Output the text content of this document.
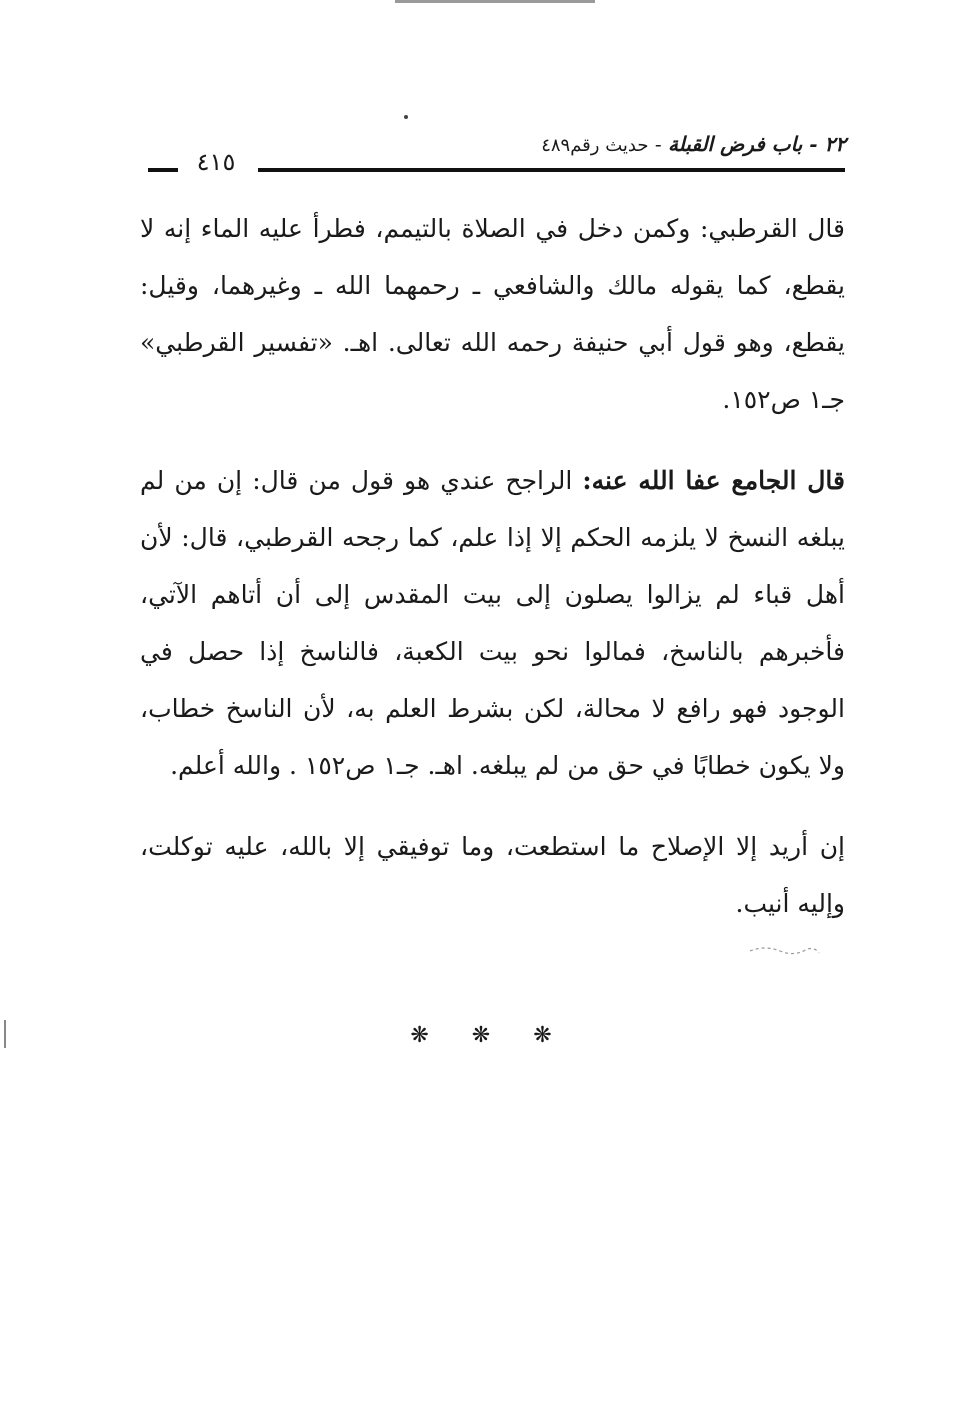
٢٢ - باب فرض القبلة - حديث رقم٤٨٩
٤١٥

قال القرطبي: وكمن دخل في الصلاة بالتيمم، فطرأ عليه الماء إنه لا يقطع، كما يقوله مالك والشافعي ـ رحمهما الله ـ وغيرهما، وقيل: يقطع، وهو قول أبي حنيفة رحمه الله تعالى. اهـ. «تفسير القرطبي» جـ١ ص١٥٢.

قال الجامع عفا الله عنه: الراجح عندي هو قول من قال: إن من لم يبلغه النسخ لا يلزمه الحكم إلا إذا علم، كما رجحه القرطبي، قال: لأن أهل قباء لم يزالوا يصلون إلى بيت المقدس إلى أن أتاهم الآتي، فأخبرهم بالناسخ، فمالوا نحو بيت الكعبة، فالناسخ إذا حصل في الوجود فهو رافع لا محالة، لكن بشرط العلم به، لأن الناسخ خطاب، ولا يكون خطابًا في حق من لم يبلغه. اهـ. جـ١ ص١٥٢ . والله أعلم.

إن أريد إلا الإصلاح ما استطعت، وما توفيقي إلا بالله، عليه توكلت، وإليه أنيب.

❋ ❋ ❋
